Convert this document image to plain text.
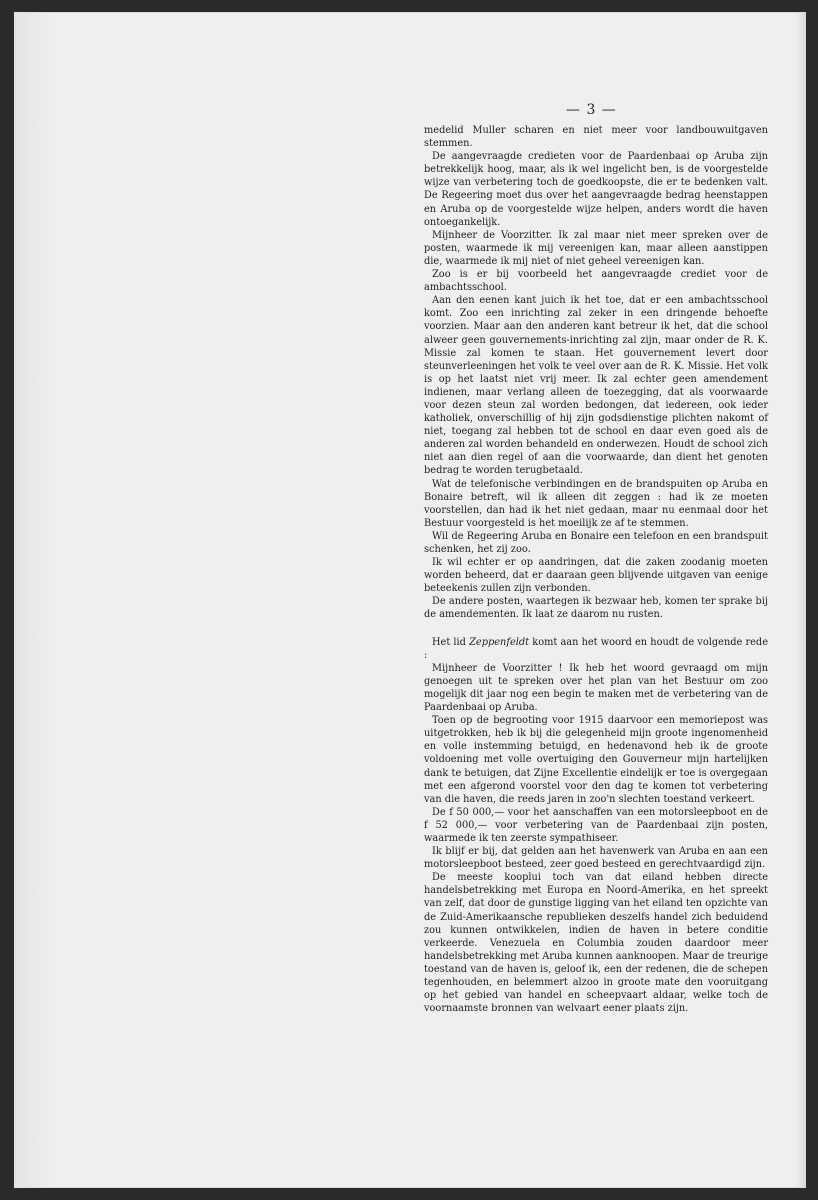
— 3 —

medelid Muller scharen en niet meer voor landbouwuitgaven stemmen.

De aangevraagde credieten voor de Paardenbaai op Aruba zijn betrekkelijk hoog, maar, als ik wel ingelicht ben, is de voorgestelde wijze van verbetering toch de goedkoopste, die er te bedenken valt. De Regeering moet dus over het aangevraagde bedrag heenstappen en Aruba op de voorgestelde wijze helpen, anders wordt die haven ontoegankelijk.

Mijnheer de Voorzitter. Ik zal maar niet meer spreken over de posten, waarmede ik mij vereenigen kan, maar alleen aanstippen die, waarmede ik mij niet of niet geheel vereenigen kan.

Zoo is er bij voorbeeld het aangevraagde crediet voor de ambachtsschool.

Aan den eenen kant juich ik het toe, dat er een ambachtsschool komt. Zoo een inrichting zal zeker in een dringende behoefte voorzien. Maar aan den anderen kant betreur ik het, dat die school alweer geen gouvernements-inrichting zal zijn, maar onder de R. K. Missie zal komen te staan. Het gouvernement levert door steunverleeningen het volk te veel over aan de R. K. Missie. Het volk is op het laatst niet vrij meer. Ik zal echter geen amendement indienen, maar verlang alleen de toezegging, dat als voorwaarde voor dezen steun zal worden bedongen, dat iedereen, ook ieder katholiek, onverschillig of hij zijn godsdienstige plichten nakomt of niet, toegang zal hebben tot de school en daar even goed als de anderen zal worden behandeld en onderwezen. Houdt de school zich niet aan dien regel of aan die voorwaarde, dan dient het genoten bedrag te worden terugbetaald.

Wat de telefonische verbindingen en de brandspuiten op Aruba en Bonaire betreft, wil ik alleen dit zeggen : had ik ze moeten voorstellen, dan had ik het niet gedaan, maar nu eenmaal door het Bestuur voorgesteld is het moeilijk ze af te stemmen.

Wil de Regeering Aruba en Bonaire een telefoon en een brandspuit schenken, het zij zoo.

Ik wil echter er op aandringen, dat die zaken zoodanig moeten worden beheerd, dat er daaraan geen blijvende uitgaven van eenige beteekenis zullen zijn verbonden.

De andere posten, waartegen ik bezwaar heb, komen ter sprake bij de amendementen. Ik laat ze daarom nu rusten.

Het lid Zeppenfeldt komt aan het woord en houdt de volgende rede :

Mijnheer de Voorzitter ! Ik heb het woord gevraagd om mijn genoegen uit te spreken over het plan van het Bestuur om zoo mogelijk dit jaar nog een begin te maken met de verbetering van de Paardenbaai op Aruba.

Toen op de begrooting voor 1915 daarvoor een memoriepost was uitgetrokken, heb ik bij die gelegenheid mijn groote ingenomenheid en volle instemming betuigd, en hedenavond heb ik de groote voldoening met volle overtuiging den Gouverneur mijn hartelijken dank te betuigen, dat Zijne Excellentie eindelijk er toe is overgegaan met een afgerond voorstel voor den dag te komen tot verbetering van die haven, die reeds jaren in zoo'n slechten toestand verkeert.

De f 50 000,— voor het aanschaffen van een motorsleepboot en de f 52 000,— voor verbetering van de Paardenbaai zijn posten, waarmede ik ten zeerste sympathiseer.

Ik blijf er bij, dat gelden aan het havenwerk van Aruba en aan een motorsleepboot besteed, zeer goed besteed en gerechtvaardigd zijn.

De meeste kooplui toch van dat eiland hebben directe handelsbetrekking met Europa en Noord-Amerika, en het spreekt van zelf, dat door de gunstige ligging van het eiland ten opzichte van de Zuid-Amerikaansche republieken deszelfs handel zich beduidend zou kunnen ontwikkelen, indien de haven in betere conditie verkeerde. Venezuela en Columbia zouden daardoor meer handelsbetrekking met Aruba kunnen aanknoopen. Maar de treurige toestand van de haven is, geloof ik, een der redenen, die de schepen tegenhouden, en belemmert alzoo in groote mate den vooruitgang op het gebied van handel en scheepvaart aldaar, welke toch de voornaamste bronnen van welvaart eener plaats zijn.
